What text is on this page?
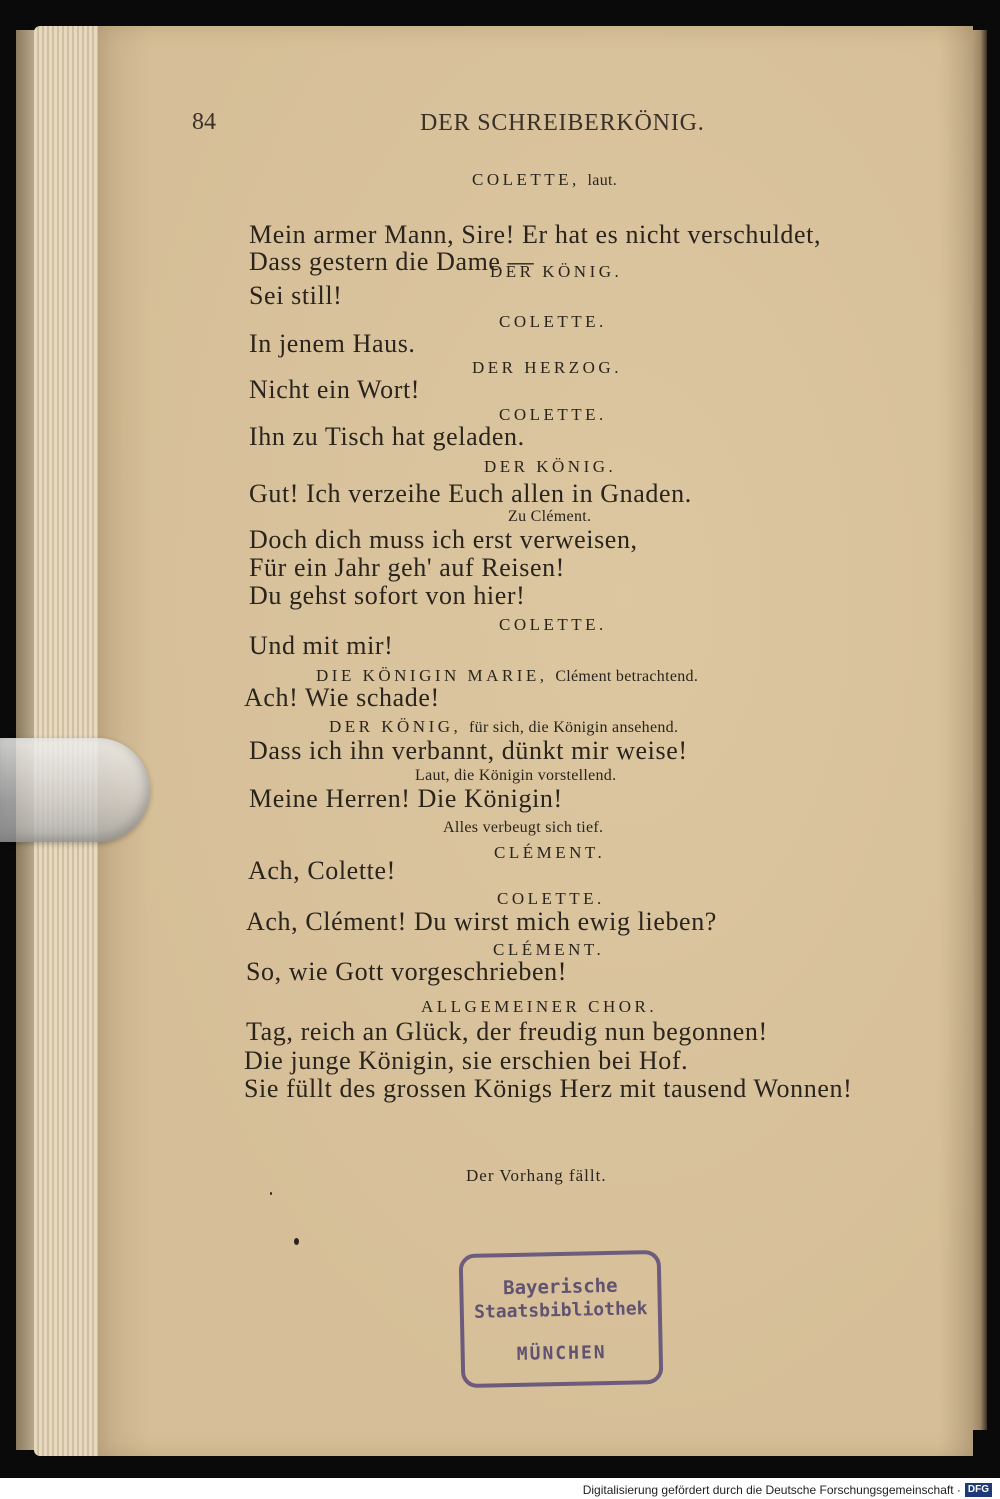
84	DER SCHREIBERKÖNIG.

COLETTE, laut.

Mein armer Mann, Sire! Er hat es nicht verschuldet,

Dass gestern die Dame —

DER KÖNIG.

Sei still!

COLETTE.

In jenem Haus.

DER HERZOG.

Nicht ein Wort!

COLETTE.

Ihn zu Tisch hat geladen.

DER KÖNIG.

Gut! Ich verzeihe Euch allen in Gnaden.

Zu Clément.

Doch dich muss ich erst verweisen,

Für ein Jahr geh' auf Reisen!

Du gehst sofort von hier!

COLETTE.

Und mit mir!

DIE KÖNIGIN MARIE, Clément betrachtend.

Ach! Wie schade!

DER KÖNIG, für sich, die Königin ansehend.

Dass ich ihn verbannt, dünkt mir weise!

Laut, die Königin vorstellend.

Meine Herren! Die Königin!

Alles verbeugt sich tief.

CLÉMENT.

Ach, Colette!

COLETTE.

Ach, Clément! Du wirst mich ewig lieben?

CLÉMENT.

So, wie Gott vorgeschrieben!

ALLGEMEINER CHOR.

Tag, reich an Glück, der freudig nun begonnen!

Die junge Königin, sie erschien bei Hof.

Sie füllt des grossen Königs Herz mit tausend Wonnen!

Der Vorhang fällt.

Bayerische
Staatsbibliothek
MÜNCHEN
Digitalisierung gefördert durch die Deutsche Forschungsgemeinschaft · DFG
